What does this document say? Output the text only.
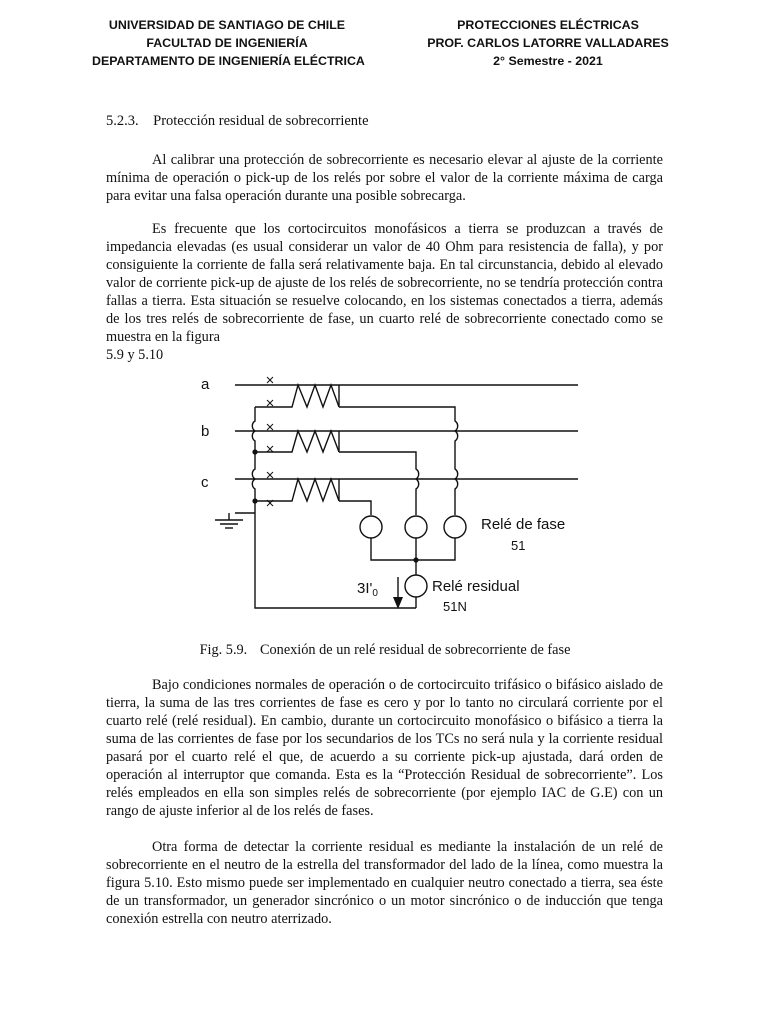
UNIVERSIDAD DE SANTIAGO DE CHILE
FACULTAD DE INGENIERÍA
DEPARTAMENTO DE INGENIERÍA ELÉCTRICA
PROTECCIONES ELÉCTRICAS
PROF. CARLOS LATORRE VALLADARES
2° Semestre - 2021
5.2.3. Protección residual de sobrecorriente

Al calibrar una protección de sobrecorriente es necesario elevar al ajuste de la corriente mínima de operación o pick-up de los relés por sobre el valor de la corriente máxima de carga para evitar una falsa operación durante una posible sobrecarga.

Es frecuente que los cortocircuitos monofásicos a tierra se produzcan a través de impedancia elevadas (es usual considerar un valor de 40 Ohm para resistencia de falla), y por consiguiente la corriente de falla será relativamente baja. En tal circunstancia, debido al elevado valor de corriente pick-up de ajuste de los relés de sobrecorriente, no se tendría protección contra fallas a tierra. Esta situación se resuelve colocando, en los sistemas conectados a tierra, además de los tres relés de sobrecorriente de fase, un cuarto relé de sobrecorriente conectado como se muestra en la figura
5.9 y 5.10

a
b
c
Relé de fase
51
Relé residual
51N
$3I'_0$
Fig. 5.9. Conexión de un relé residual de sobrecorriente de fase

Bajo condiciones normales de operación o de cortocircuito trifásico o bifásico aislado de tierra, la suma de las tres corrientes de fase es cero y por lo tanto no circulará corriente por el cuarto relé (relé residual). En cambio, durante un cortocircuito monofásico o bifásico a tierra la suma de las corrientes de fase por los secundarios de los TCs no será nula y la corriente residual pasará por el cuarto relé el que, de acuerdo a su corriente pick-up ajustada, dará orden de operación al interruptor que comanda. Esta es la “Protección Residual de sobrecorriente”. Los relés empleados en ella son simples relés de sobrecorriente (por ejemplo IAC de G.E) con un rango de ajuste inferior al de los relés de fases.

Otra forma de detectar la corriente residual es mediante la instalación de un relé de sobrecorriente en el neutro de la estrella del transformador del lado de la línea, como muestra la figura 5.10. Esto mismo puede ser implementado en cualquier neutro conectado a tierra, sea éste de un transformador, un generador sincrónico o un motor sincrónico o de inducción que tenga conexión estrella con neutro aterrizado.
